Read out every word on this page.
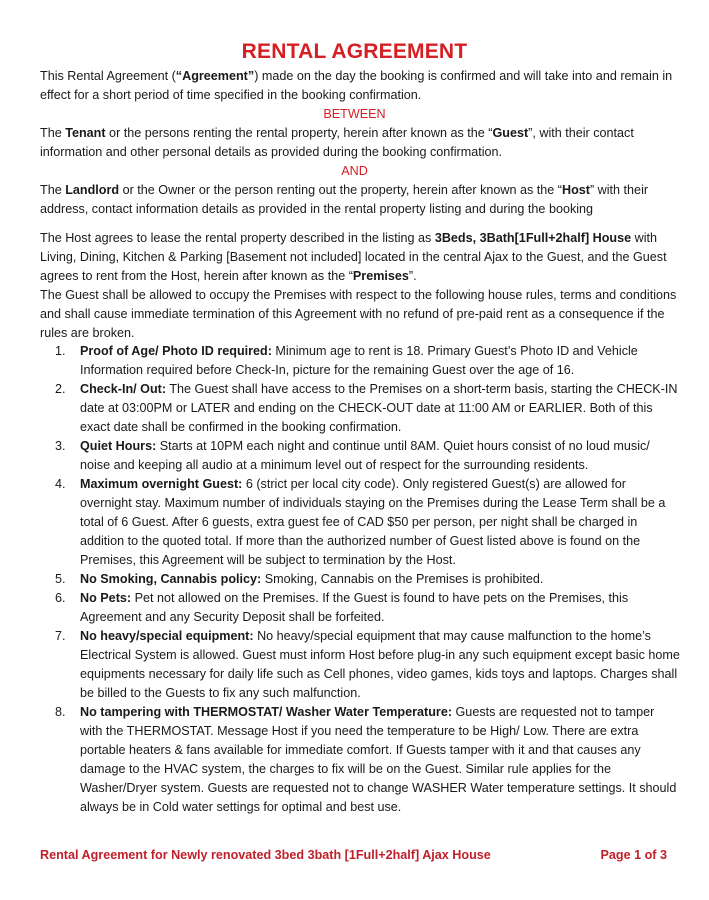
RENTAL AGREEMENT
This Rental Agreement (“Agreement”) made on the day the booking is confirmed and will take into and remain in effect for a short period of time specified in the booking confirmation.
BETWEEN
The Tenant or the persons renting the rental property, herein after known as the “Guest”, with their contact information and other personal details as provided during the booking confirmation.
AND
The Landlord or the Owner or the person renting out the property, herein after known as the “Host” with their address, contact information details as provided in the rental property listing and during the booking
The Host agrees to lease the rental property described in the listing as 3Beds, 3Bath[1Full+2half] House with Living, Dining, Kitchen & Parking [Basement not included] located in the central Ajax to the Guest, and the Guest agrees to rent from the Host, herein after known as the “Premises”.
The Guest shall be allowed to occupy the Premises with respect to the following house rules, terms and conditions and shall cause immediate termination of this Agreement with no refund of pre-paid rent as a consequence if the rules are broken.
1. Proof of Age/ Photo ID required: Minimum age to rent is 18. Primary Guest’s Photo ID and Vehicle Information required before Check-In, picture for the remaining Guest over the age of 16.
2. Check-In/ Out: The Guest shall have access to the Premises on a short-term basis, starting the CHECK-IN date at 03:00PM or LATER and ending on the CHECK-OUT date at 11:00 AM or EARLIER. Both of this exact date shall be confirmed in the booking confirmation.
3. Quiet Hours: Starts at 10PM each night and continue until 8AM. Quiet hours consist of no loud music/ noise and keeping all audio at a minimum level out of respect for the surrounding residents.
4. Maximum overnight Guest: 6 (strict per local city code). Only registered Guest(s) are allowed for overnight stay. Maximum number of individuals staying on the Premises during the Lease Term shall be a total of 6 Guest. After 6 guests, extra guest fee of CAD $50 per person, per night shall be charged in addition to the quoted total. If more than the authorized number of Guest listed above is found on the Premises, this Agreement will be subject to termination by the Host.
5. No Smoking, Cannabis policy: Smoking, Cannabis on the Premises is prohibited.
6. No Pets: Pet not allowed on the Premises. If the Guest is found to have pets on the Premises, this Agreement and any Security Deposit shall be forfeited.
7. No heavy/special equipment: No heavy/special equipment that may cause malfunction to the home’s Electrical System is allowed. Guest must inform Host before plug-in any such equipment except basic home equipments necessary for daily life such as Cell phones, video games, kids toys and laptops. Charges shall be billed to the Guests to fix any such malfunction.
8. No tampering with THERMOSTAT/ Washer Water Temperature: Guests are requested not to tamper with the THERMOSTAT. Message Host if you need the temperature to be High/ Low. There are extra portable heaters & fans available for immediate comfort. If Guests tamper with it and that causes any damage to the HVAC system, the charges to fix will be on the Guest. Similar rule applies for the Washer/Dryer system. Guests are requested not to change WASHER Water temperature settings. It should always be in Cold water settings for optimal and best use.
Rental Agreement for Newly renovated 3bed 3bath [1Full+2half] Ajax House	Page 1 of 3
